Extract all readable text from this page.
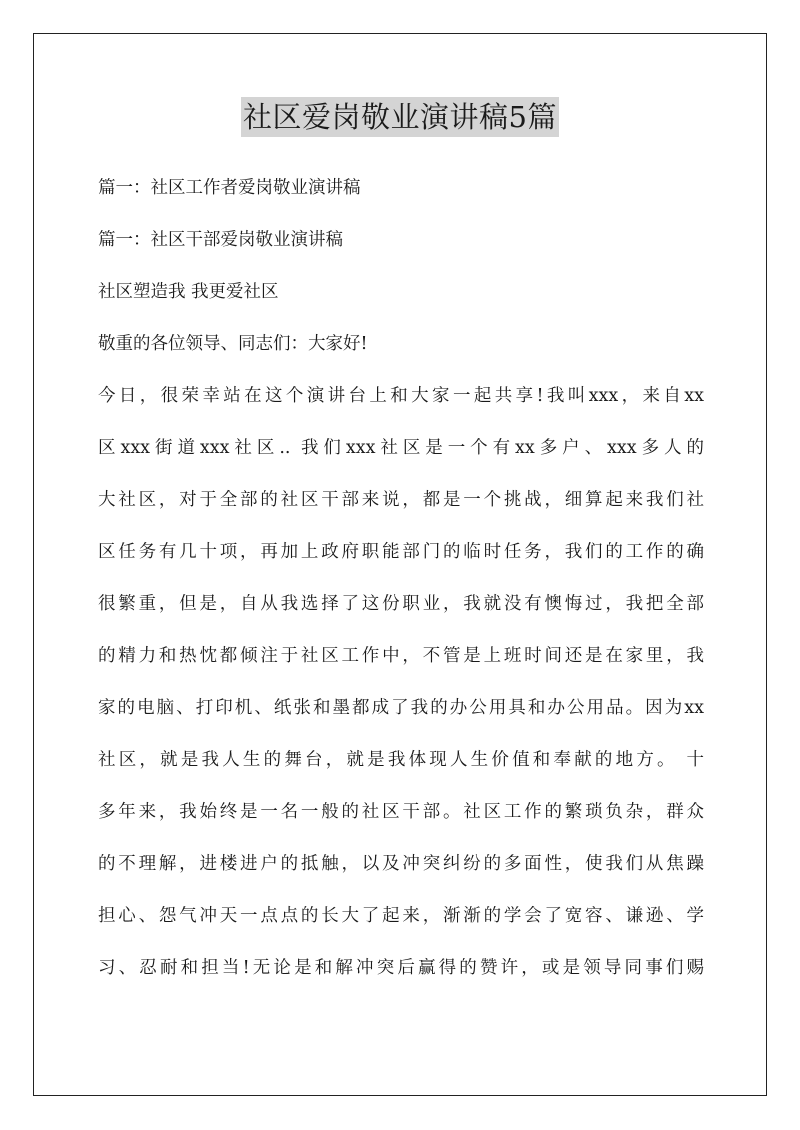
社区爱岗敬业演讲稿5篇
篇一：社区工作者爱岗敬业演讲稿
篇一：社区干部爱岗敬业演讲稿
社区塑造我 我更爱社区
敬重的各位领导、同志们：大家好!
今日，很荣幸站在这个演讲台上和大家一起共享!我叫xxx，来自xx
区xxx街道xxx社区.. 我们xxx社区是一个有xx多户、xxx多人的
大社区，对于全部的社区干部来说，都是一个挑战，细算起来我们社
区任务有几十项，再加上政府职能部门的临时任务，我们的工作的确
很繁重，但是，自从我选择了这份职业，我就没有懊悔过，我把全部
的精力和热忱都倾注于社区工作中，不管是上班时间还是在家里，我
家的电脑、打印机、纸张和墨都成了我的办公用具和办公用品。因为xx
社区，就是我人生的舞台，就是我体现人生价值和奉献的地方。 十
多年来，我始终是一名一般的社区干部。社区工作的繁琐负杂，群众
的不理解，进楼进户的抵触，以及冲突纠纷的多面性，使我们从焦躁
担心、怨气冲天一点点的长大了起来，渐渐的学会了宽容、谦逊、学
习、忍耐和担当!无论是和解冲突后赢得的赞许，或是领导同事们赐
